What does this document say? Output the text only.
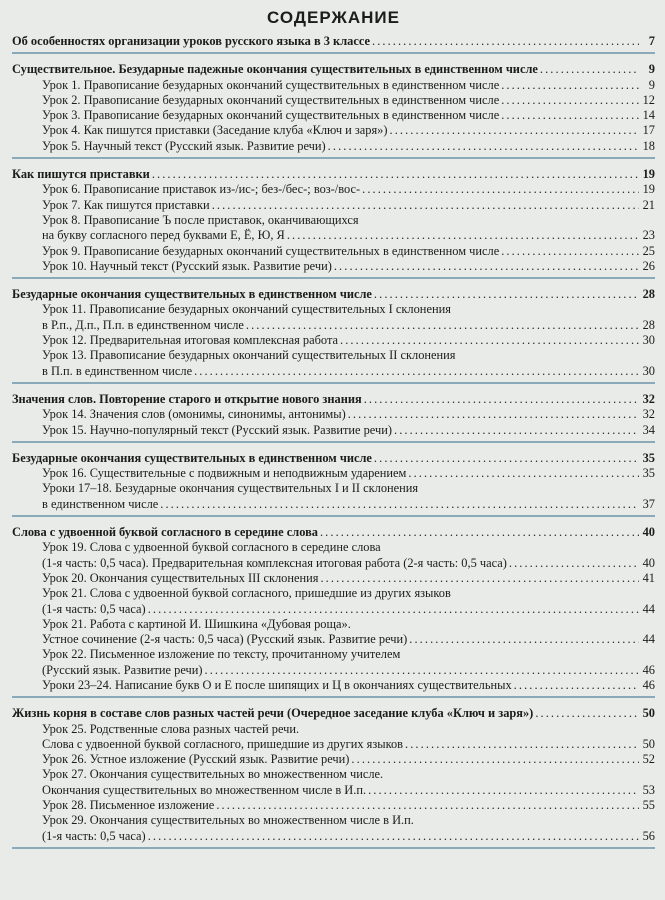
СОДЕРЖАНИЕ
Об особенностях организации уроков русского языка в 3 классе . . .	7
Существительное. Безударные падежные окончания существительных в единственном числе . . .	9
Урок 1. Правописание безударных окончаний существительных в единственном числе . . .	9
Урок 2. Правописание безударных окончаний существительных в единственном числе . . .	12
Урок 3. Правописание безударных окончаний существительных в единственном числе . . .	14
Урок 4. Как пишутся приставки (Заседание клуба «Ключ и заря») . . .	17
Урок 5. Научный текст (Русский язык. Развитие речи) . . .	18
Как пишутся приставки . . .	19
Урок 6. Правописание приставок из-/ис-; без-/бес-; воз-/вос- . . .	19
Урок 7. Как пишутся приставки . . .	21
Урок 8. Правописание Ъ после приставок, оканчивающихся
на букву согласного перед буквами Е, Ё, Ю, Я . . .	23
Урок 9. Правописание безударных окончаний существительных в единственном числе . . .	25
Урок 10. Научный текст (Русский язык. Развитие речи) . . .	26
Безударные окончания существительных в единственном числе . . .	28
Урок 11. Правописание безударных окончаний существительных I склонения
в Р.п., Д.п., П.п. в единственном числе . . .	28
Урок 12. Предварительная итоговая комплексная работа . . .	30
Урок 13. Правописание безударных окончаний существительных II склонения
в П.п. в единственном числе . . .	30
Значения слов. Повторение старого и открытие нового знания . . .	32
Урок 14. Значения слов (омонимы, синонимы, антонимы) . . .	32
Урок 15. Научно-популярный текст (Русский язык. Развитие речи) . . .	34
Безударные окончания существительных в единственном числе . . .	35
Урок 16. Существительные с подвижным и неподвижным ударением . . .	35
Уроки 17–18. Безударные окончания существительных I и II склонения
в единственном числе . . .	37
Слова с удвоенной буквой согласного в середине слова . . .	40
Урок 19. Слова с удвоенной буквой согласного в середине слова
(1-я часть: 0,5 часа). Предварительная комплексная итоговая работа (2-я часть: 0,5 часа) . . .	40
Урок 20. Окончания существительных III склонения . . .	41
Урок 21. Слова с удвоенной буквой согласного, пришедшие из других языков
(1-я часть: 0,5 часа) . . .	44
Урок 21. Работа с картиной И. Шишкина «Дубовая роща».
Устное сочинение (2-я часть: 0,5 часа) (Русский язык. Развитие речи) . . .	44
Урок 22. Письменное изложение по тексту, прочитанному учителем
(Русский язык. Развитие речи) . . .	46
Уроки 23–24. Написание букв О и Е после шипящих и Ц в окончаниях существительных . . .	46
Жизнь корня в составе слов разных частей речи (Очередное заседание клуба «Ключ и заря») . . .	50
Урок 25. Родственные слова разных частей речи.
Слова с удвоенной буквой согласного, пришедшие из других языков . . .	50
Урок 26. Устное изложение (Русский язык. Развитие речи) . . .	52
Урок 27. Окончания существительных во множественном числе.
Окончания существительных во множественном числе в И.п. . . .	53
Урок 28. Письменное изложение . . .	55
Урок 29. Окончания существительных во множественном числе в И.п.
(1-я часть: 0,5 часа) . . .	56
